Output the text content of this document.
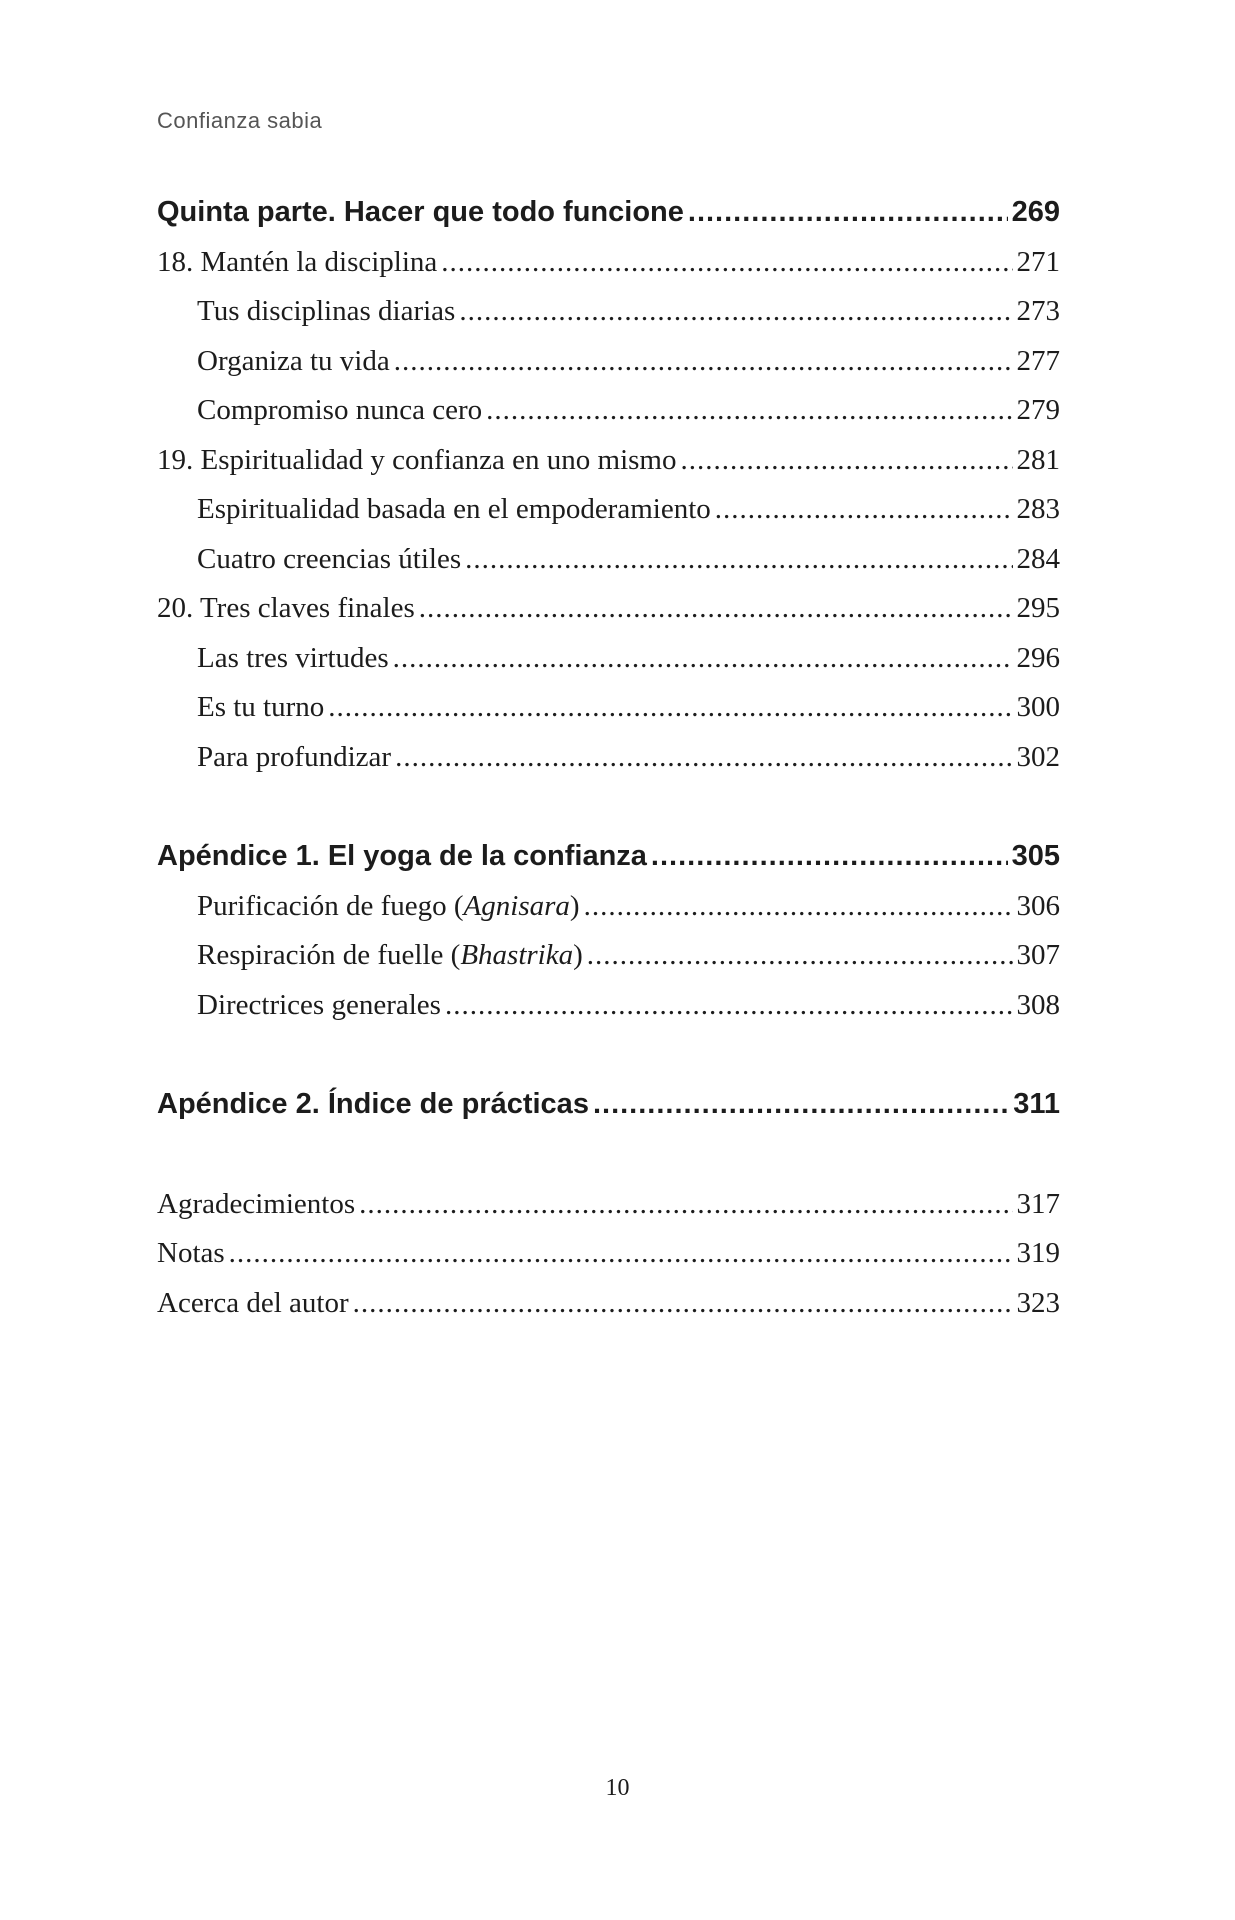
Confianza sabia
Quinta parte. Hacer que todo funcione .....	269
18. Mantén la disciplina .....	271
Tus disciplinas diarias .....	273
Organiza tu vida .....	277
Compromiso nunca cero .....	279
19. Espiritualidad y confianza en uno mismo .....	281
Espiritualidad basada en el empoderamiento .....	283
Cuatro creencias útiles .....	284
20. Tres claves finales .....	295
Las tres virtudes .....	296
Es tu turno .....	300
Para profundizar .....	302
Apéndice 1. El yoga de la confianza .....	305
Purificación de fuego (Agnisara) .....	306
Respiración de fuelle (Bhastrika) .....	307
Directrices generales .....	308
Apéndice 2. Índice de prácticas .....	311
Agradecimientos .....	317
Notas .....	319
Acerca del autor .....	323
10
